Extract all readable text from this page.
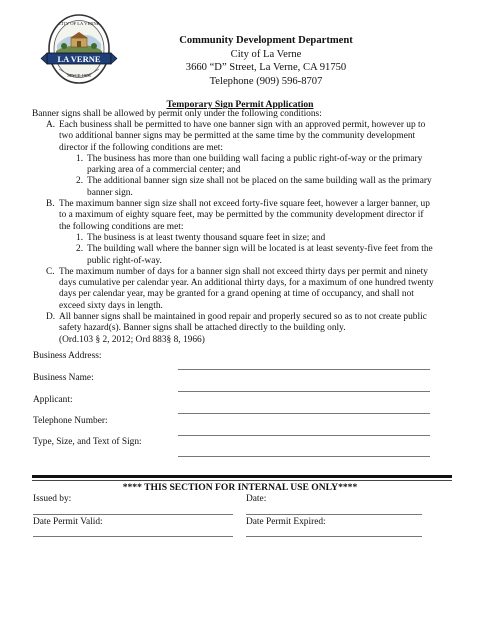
LA VERNE
SINCE 1906
CITY OF LA VERNE
Community Development Department
City of La Verne
3660 “D” Street, La Verne, CA 91750
Telephone (909) 596-8707
Temporary Sign Permit Application
Banner signs shall be allowed by permit only under the following conditions:
A. Each business shall be permitted to have one banner sign with an approved permit, however up to two additional banner signs may be permitted at the same time by the community development director if the following conditions are met:
1. The business has more than one building wall facing a public right-of-way or the primary parking area of a commercial center; and
2. The additional banner sign size shall not be placed on the same building wall as the primary banner sign.
B. The maximum banner sign size shall not exceed forty-five square feet, however a larger banner, up to a maximum of eighty square feet, may be permitted by the community development director if the following conditions are met:
1. The business is at least twenty thousand square feet in size; and
2. The building wall where the banner sign will be located is at least seventy-five feet from the public right-of-way.
C. The maximum number of days for a banner sign shall not exceed thirty days per permit and ninety days cumulative per calendar year. An additional thirty days, for a maximum of one hundred twenty days per calendar year, may be granted for a grand opening at time of occupancy, and shall not exceed sixty days in length.
D. All banner signs shall be maintained in good repair and properly secured so as to not create public safety hazard(s). Banner signs shall be attached directly to the building only.
(Ord.103 § 2, 2012; Ord 883§ 8, 1966)
Business Address:
Business Name:
Applicant:
Telephone Number:
Type, Size, and Text of Sign:
**** THIS SECTION FOR INTERNAL USE ONLY****
Issued by:	Date:
Date Permit Valid:	Date Permit Expired:
